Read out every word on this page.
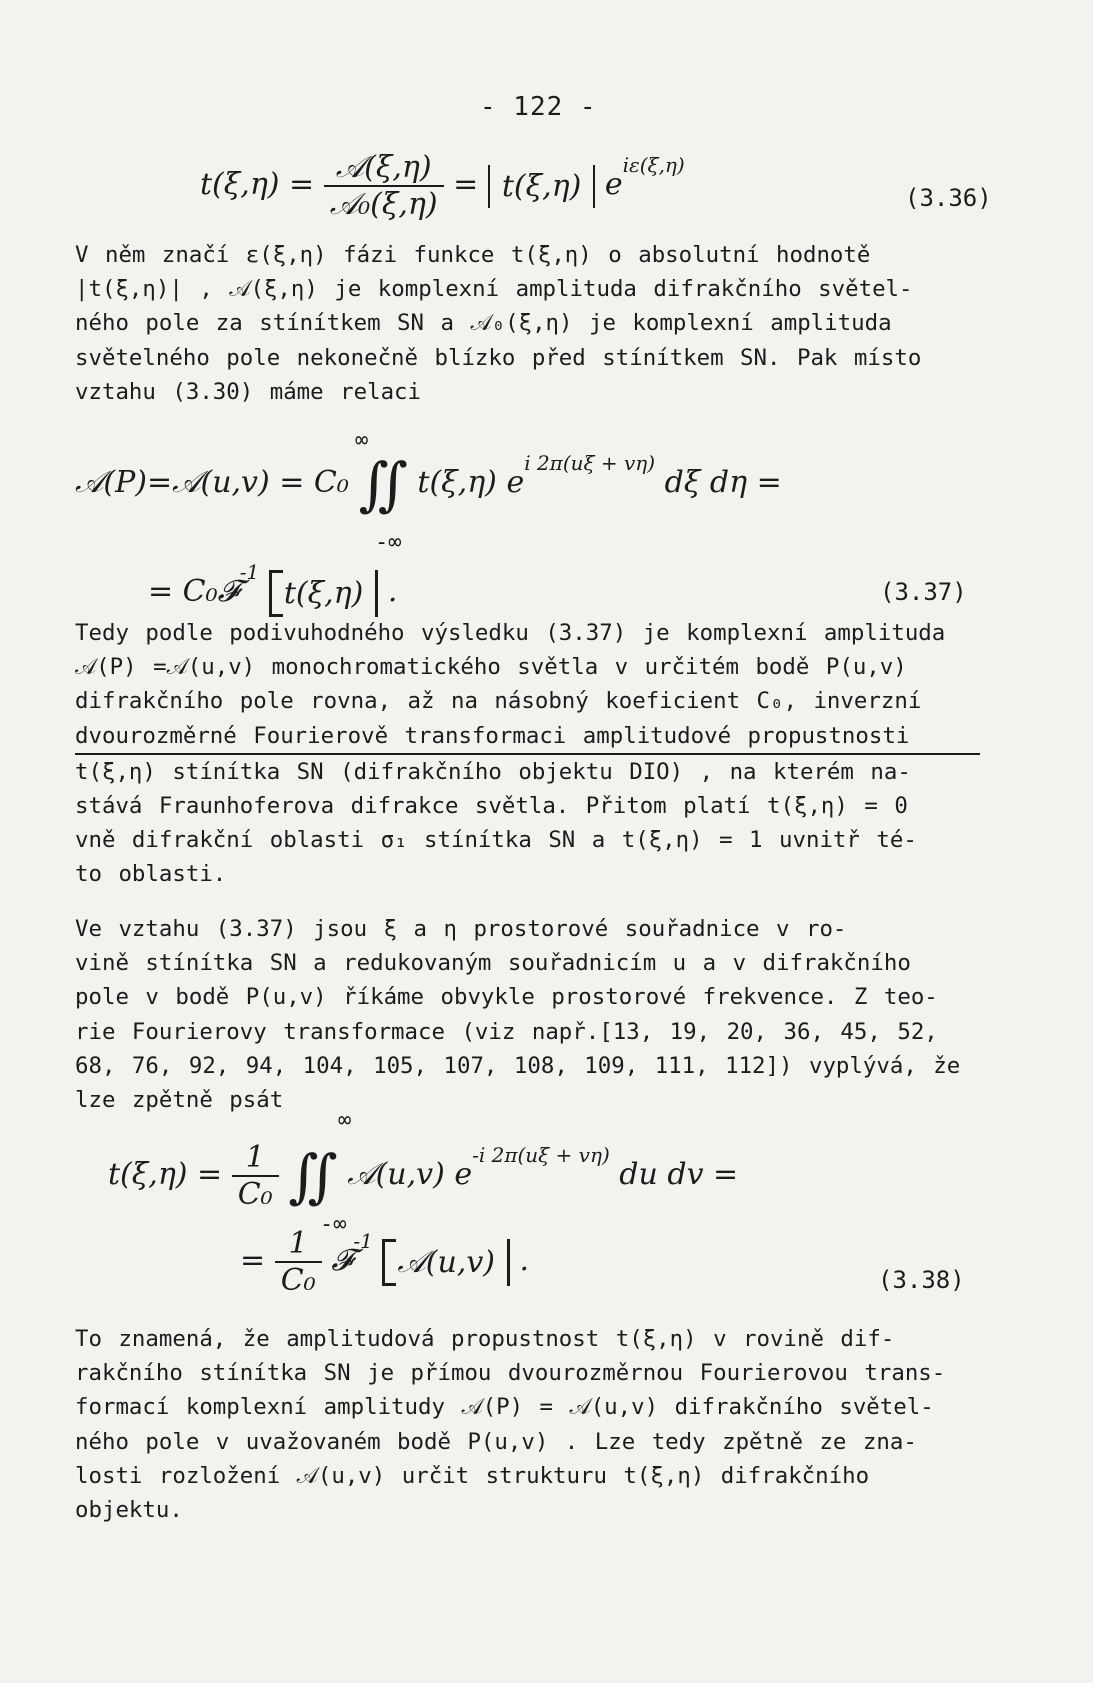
- 122 -
$t(\xi,\eta) = \frac{\text{𝒜(ξ,η)}}{\text{𝒜₀(ξ,η)}} = t(\xi,\eta)$ $e^{i\varepsilon(\xi,\eta)}$
(3.36)
V něm značí ε(ξ,η) fázi funkce t(ξ,η) o absolutní hodnotě
|t(ξ,η)| , 𝒜(ξ,η) je komplexní amplituda difrakčního světel-
ného pole za stínítkem SN a 𝒜₀(ξ,η) je komplexní amplituda
světelného pole nekonečně blízko před stínítkem SN. Pak místo
vztahu (3.30) máme relaci
𝒜(P)=𝒜(u,v) = C₀ ∬ t(ξ,η) $e^{i 2\pi(u\xi + v\eta)}$ dξ dη =
∞
-∞
= C₀𝓕$^{-1}$ t(ξ,η) .	(3.37)
Tedy podle podivuhodného výsledku (3.37) je komplexní amplituda
𝒜(P) =𝒜(u,v) monochromatického světla v určitém bodě P(u,v)
difrakčního pole rovna, až na násobný koeficient C₀, inverzní
dvourozměrné Fourierově transformaci amplitudové propustnosti
t(ξ,η) stínítka SN (difrakčního objektu DIO) , na kterém na-
stává Fraunhoferova difrakce světla. Přitom platí t(ξ,η) = 0
vně difrakční oblasti σ₁ stínítka SN a t(ξ,η) = 1 uvnitř té-
to oblasti.
Ve vztahu (3.37) jsou ξ a η prostorové souřadnice v ro-
vině stínítka SN a redukovaným souřadnicím u a v difrakčního
pole v bodě P(u,v) říkáme obvykle prostorové frekvence. Z teo-
rie Fourierovy transformace (viz např.[13, 19, 20, 36, 45, 52,
68, 76, 92, 94, 104, 105, 107, 108, 109, 111, 112]) vyplývá, že
lze zpětně psát
$t(\xi,\eta) = \frac{1}{\text{C₀}}$ ∬ 𝒜(u,v) $e^{-i 2\pi(u\xi + v\eta)}$ du dv =
∞
-∞
= $\frac{1}{\text{C₀}}$ 𝓕$^{-1}$ 𝒜(u,v) .
(3.38)
To znamená, že amplitudová propustnost t(ξ,η) v rovině dif-
rakčního stínítka SN je přímou dvourozměrnou Fourierovou trans-
formací komplexní amplitudy 𝒜(P) = 𝒜(u,v) difrakčního světel-
ného pole v uvažovaném bodě P(u,v) . Lze tedy zpětně ze zna-
losti rozložení 𝒜(u,v) určit strukturu t(ξ,η) difrakčního
objektu.
